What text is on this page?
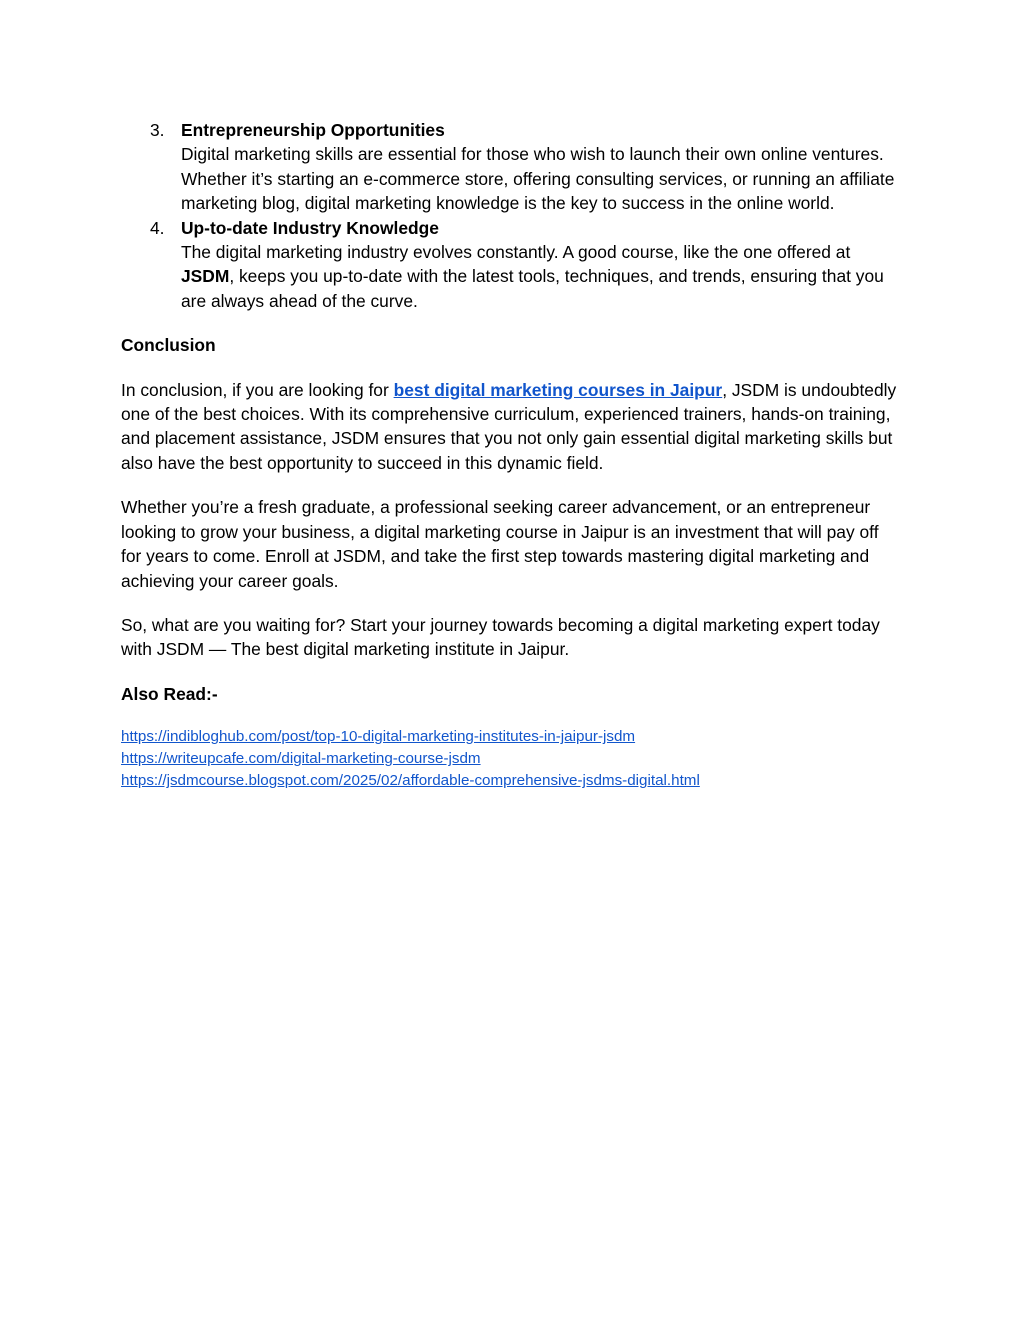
3. Entrepreneurship Opportunities
Digital marketing skills are essential for those who wish to launch their own online ventures. Whether it’s starting an e-commerce store, offering consulting services, or running an affiliate marketing blog, digital marketing knowledge is the key to success in the online world.
4. Up-to-date Industry Knowledge
The digital marketing industry evolves constantly. A good course, like the one offered at JSDM, keeps you up-to-date with the latest tools, techniques, and trends, ensuring that you are always ahead of the curve.
Conclusion

In conclusion, if you are looking for best digital marketing courses in Jaipur, JSDM is undoubtedly one of the best choices. With its comprehensive curriculum, experienced trainers, hands-on training, and placement assistance, JSDM ensures that you not only gain essential digital marketing skills but also have the best opportunity to succeed in this dynamic field.

Whether you’re a fresh graduate, a professional seeking career advancement, or an entrepreneur looking to grow your business, a digital marketing course in Jaipur is an investment that will pay off for years to come. Enroll at JSDM, and take the first step towards mastering digital marketing and achieving your career goals.

So, what are you waiting for? Start your journey towards becoming a digital marketing expert today with JSDM — The best digital marketing institute in Jaipur.

Also Read:-
https://indibloghub.com/post/top-10-digital-marketing-institutes-in-jaipur-jsdm
https://writeupcafe.com/digital-marketing-course-jsdm
https://jsdmcourse.blogspot.com/2025/02/affordable-comprehensive-jsdms-digital.html
